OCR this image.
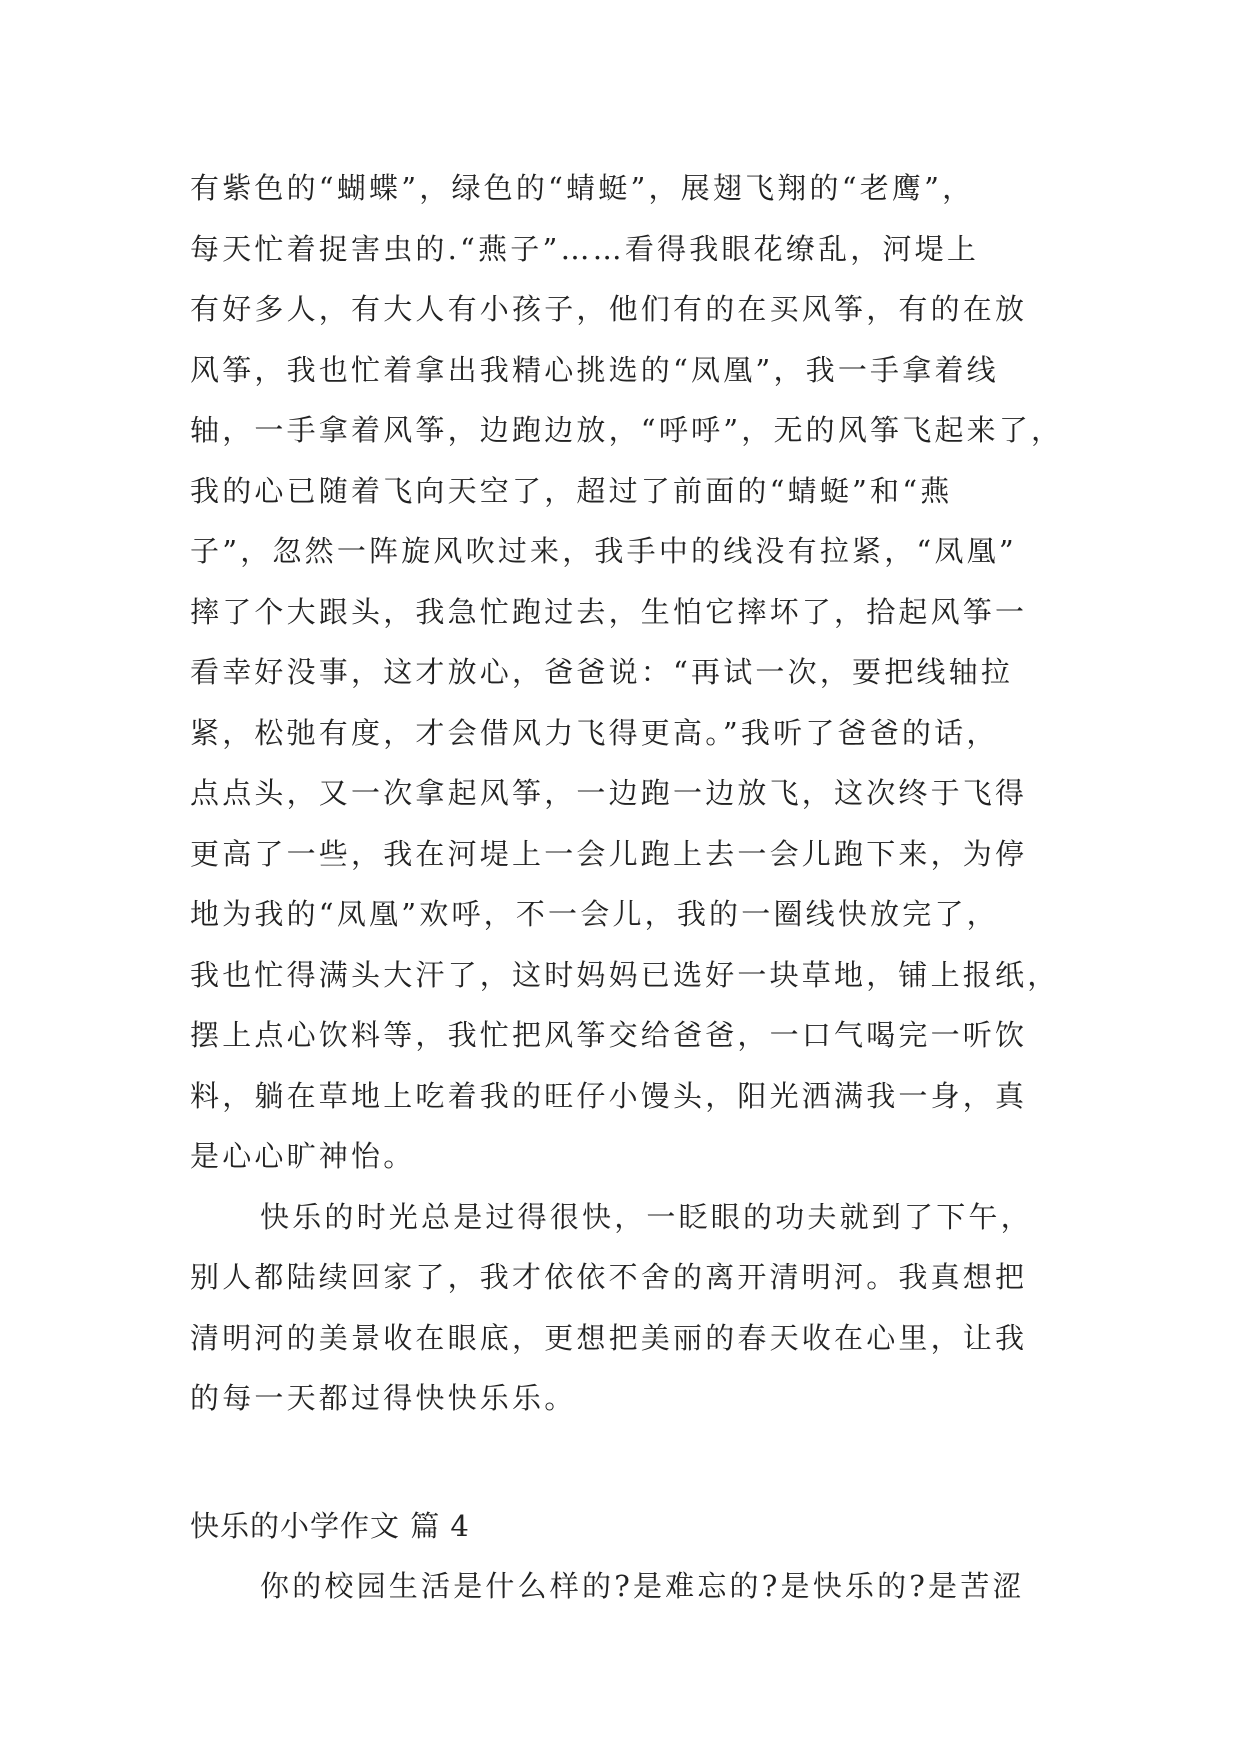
有紫色的“蝴蝶”，绿色的“蜻蜓”，展翅飞翔的“老鹰”，
每天忙着捉害虫的.“燕子”……看得我眼花缭乱，河堤上
有好多人，有大人有小孩子，他们有的在买风筝，有的在放
风筝，我也忙着拿出我精心挑选的“凤凰”，我一手拿着线
轴，一手拿着风筝，边跑边放，“呼呼”，无的风筝飞起来了，
我的心已随着飞向天空了，超过了前面的“蜻蜓”和“燕
子”，忽然一阵旋风吹过来，我手中的线没有拉紧，“凤凰”
摔了个大跟头，我急忙跑过去，生怕它摔坏了，拾起风筝一
看幸好没事，这才放心，爸爸说：“再试一次，要把线轴拉
紧，松弛有度，才会借风力飞得更高。”我听了爸爸的话，
点点头，又一次拿起风筝，一边跑一边放飞，这次终于飞得
更高了一些，我在河堤上一会儿跑上去一会儿跑下来，为停
地为我的“凤凰”欢呼，不一会儿，我的一圈线快放完了，
我也忙得满头大汗了，这时妈妈已选好一块草地，铺上报纸，
摆上点心饮料等，我忙把风筝交给爸爸，一口气喝完一听饮
料，躺在草地上吃着我的旺仔小馒头，阳光洒满我一身，真
是心心旷神怡。
快乐的时光总是过得很快，一眨眼的功夫就到了下午，
别人都陆续回家了，我才依依不舍的离开清明河。我真想把
清明河的美景收在眼底，更想把美丽的春天收在心里，让我
的每一天都过得快快乐乐。
快乐的小学作文 篇 4
你的校园生活是什么样的?是难忘的?是快乐的?是苦涩
